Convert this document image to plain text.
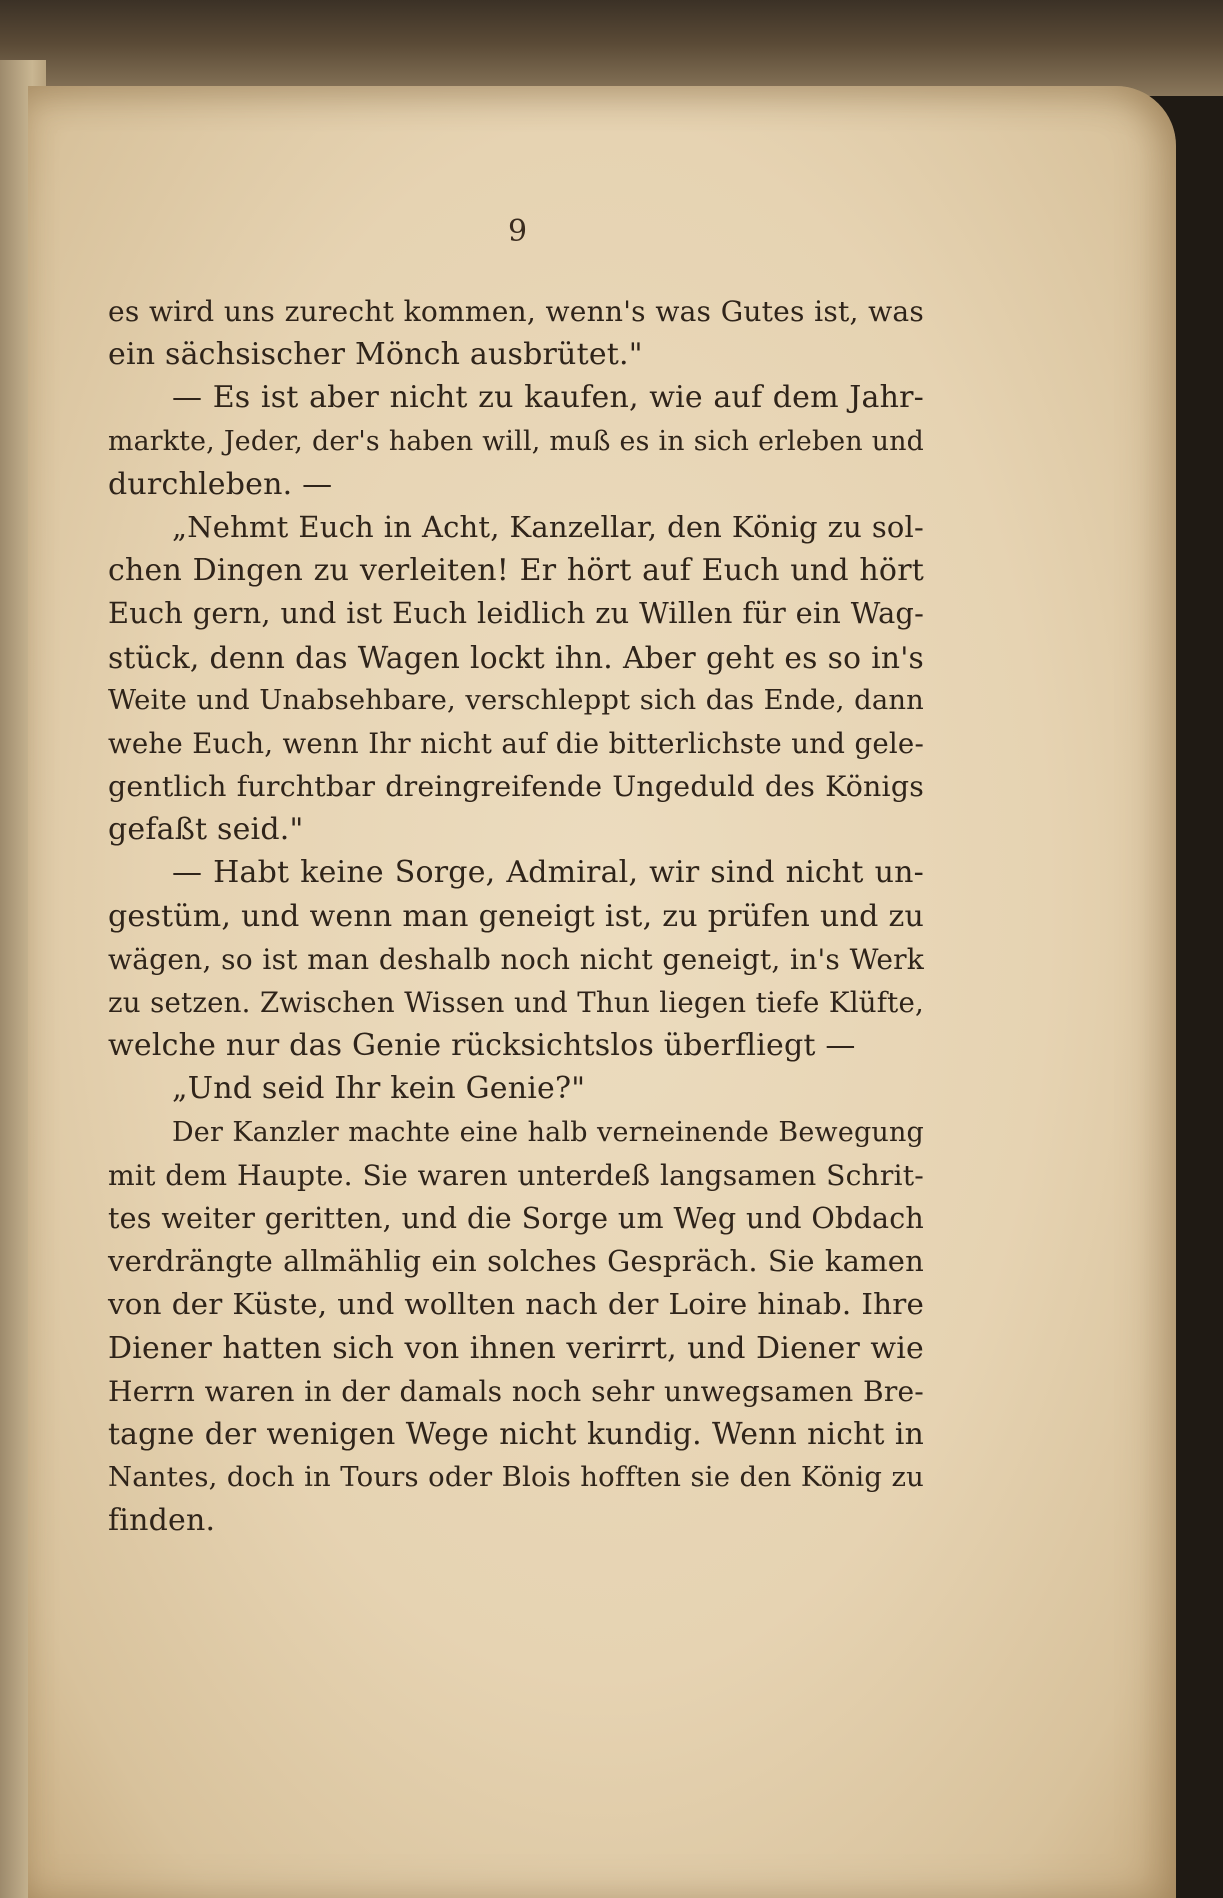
9
es wird uns zurecht kommen, wenn's was Gutes ist, was
ein sächsischer Mönch ausbrütet."
— Es ist aber nicht zu kaufen, wie auf dem Jahr-
markte, Jeder, der's haben will, muß es in sich erleben und
durchleben. —
„Nehmt Euch in Acht, Kanzellar, den König zu sol-
chen Dingen zu verleiten! Er hört auf Euch und hört
Euch gern, und ist Euch leidlich zu Willen für ein Wag-
stück, denn das Wagen lockt ihn. Aber geht es so in's
Weite und Unabsehbare, verschleppt sich das Ende, dann
wehe Euch, wenn Ihr nicht auf die bitterlichste und gele-
gentlich furchtbar dreingreifende Ungeduld des Königs
gefaßt seid."
— Habt keine Sorge, Admiral, wir sind nicht un-
gestüm, und wenn man geneigt ist, zu prüfen und zu
wägen, so ist man deshalb noch nicht geneigt, in's Werk
zu setzen. Zwischen Wissen und Thun liegen tiefe Klüfte,
welche nur das Genie rücksichtslos überfliegt —
„Und seid Ihr kein Genie?"
Der Kanzler machte eine halb verneinende Bewegung
mit dem Haupte. Sie waren unterdeß langsamen Schrit-
tes weiter geritten, und die Sorge um Weg und Obdach
verdrängte allmählig ein solches Gespräch. Sie kamen
von der Küste, und wollten nach der Loire hinab. Ihre
Diener hatten sich von ihnen verirrt, und Diener wie
Herrn waren in der damals noch sehr unwegsamen Bre-
tagne der wenigen Wege nicht kundig. Wenn nicht in
Nantes, doch in Tours oder Blois hofften sie den König zu
finden.
